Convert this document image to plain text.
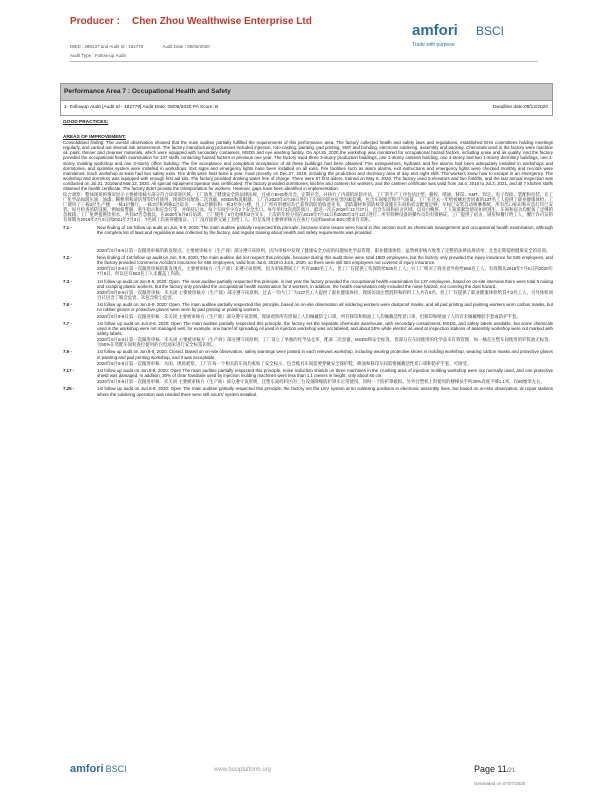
Producer : Chen Zhou Wealthwise Enterprise Ltd
DBID : 380237 and Audit Id : 182779	Audit Date : 08/06/2020
Audit Type : Follow-up Audit
amfori BSCI
Trade with purpose
Performance Area 7 : Occupational Health and Safety
1- Followup Audit [Audit Id - 182779] Audit Date: 08/06/2020 PA Score: B	Deadline date:09/12/2020
GOOD PRACTICES:
AREAS OF IMPROVEMENT:

Consolidated finding: The overall observation showed that the main auditee partially fulfilled the requirements of this performance area. The factory collected health and safety laws and regulations, established EHS committees holding meetings regularly, and carried out internal risk assessment. The factory manufacturing processes included injection, roto-casting, painting, pad printing, SMT and bonding, electronic soldering, assembly and packing. Chemicals used in the factory were machine oil, paint, thinner and cleanser materials, which were equipped with secondary containers, MSDS and eye washing facility. On Apr.26, 2020 the workshop was monitored for occupational hazard factors, including noise and air quality. And the factory provided the occupational health examination for 137 staffs contacting hazard factors in previous one year. The factory used three 3-storey production buildings, one 1-storey canteen building, one 2-storey and two 1-storey dormitory buildings, one 1-storey molding workshop and one 3-storey office building. The fire acceptance and completion acceptance of all these buildings had been obtained. Fire extinguishers, hydrants and fire alarms had been adequately installed in workshops and dormitories, and sprinkler system were installed in workshops. Exit signs and emergency lights have been installed on all exits. Fire facilities such as alarm alarms, exit instructions and emergency lights were checked monthly and records were maintained. Each workshop at least had two safety exits. Fire drills were held twice a year, most recently on Dec.27, 2019, including the production and dormitory area of day and night shift. The workers knew how to escape in an emergency. The workshop and dormitory was equipped with enough first aid kits. The factory provided drinking water free of charge. There were 57 first aiders, trained on May 8, 2020. The factory used 5 elevators and two forklifts, and the last annual inspection was conducted on Jul.31, 2019and Mar.12, 2020. All special equipment operator was certificated. The factory provided dormitories, kitchen and canteen for workers, and the canteen certificate was valid from Jul.4, 2016 to Jul.3, 2021, and all 7 kitchen staffs obtained the health certificate. The factory didn't provide the transportation for workers. However, gaps have been identified in implementation.

综合观察：整体现场的情况显示主要被审核方部分符合该绩效区域。工厂收集了健康安全的法律法规，且成立EHS委员会，定期开会，并执行了内部的风险评估。工厂的生产工序包括注塑、搪胶、喷油、移印、SMT、焊定、电子焊接、装配和包装。在工厂化学品如润压油、油漆、稀释剂和清洁剂等均有使用，现场均有配备二次容器，MSDS和洗眼器。工厂在2020年4月26日进行了车间的职业危害因素监测，包含车间噪音和空气质量。工厂在过去一年给接触危害因素的137名工人提供了职业健康体检。工厂使用了三栋3层生产楼，一栋1层餐厅，一栋2层和两栋1层宿舍，一栋1层搪胶和一栋3层办公楼，且工厂所有的楼房均已获得消防验收意见书，消防器材和消防栓等设施在车间和宿舍配置足够，车间已安装自动喷淋系统，所有出口标识和应急灯均已安装。每月检查消防设施，例如报警器、逃生指示和应急灯等，并保持记录。每个车间至少有2个安全出口。每年举行2次消防演习，最近一次在2019年12月27日，包含车间和宿舍区域，以及白晚班。工人知道紧急情况如何逃生。车间和宿舍均配备了足够的急救箱。工厂免费提供饮用水，共有57名急救员，在2020年5月8日培训。工厂使用了5台电梯和2台叉车，上次的年检分别在2019年7月31日和2020年3月12日进行。所有特种设备的操作员均有资格证。工厂提供了宿舍，厨房和餐厅给工人，餐厅许可证的有效期为2016年7月4日到2021年7月3日，7名厨工均获得健康证。工厂没有提供交通工具给工人。但是发现主要被审核方在执行方面和amfori BSCI要求有差距。

7.1 -	New finding of 1st follow up audit on Jun. 8-9, 2020. The main auditee partially respected this principle, because some issues were found in this section such as chemicals management and occupational health examination, although the complete list of laws and regulations was collected by the factory, and regular training about Health and safety requirements was provided.
2020年6月8-9日第一次跟进审核的新发现点。主要被审核方（生产商）部分遵守该原则，因为审核中发现了健康安全方面的问题如化学品管理，职业健康体检。虽然被审核方收集了完整的法律法规清单，且也定期提供健康安全的培训。
7.2 -	New finding of 1st follow up audit on Jun. 8-9, 2020. The main auditee did not respect this principle, because during this audit there were total 1883 employees, but the factory only provided the injury insurance for 525 employees, and the factory provided Commerce Accident Insurance for 655 employees, valid from Jul.6, 2019 to Jul.5, 2020, so there were still 503 employees not covered of injury insurance.
2020年6月8-9日第一次跟进审核的新发现点。主要被审核方（生产商）未遵守该原则，因为审核期间工厂共有1883名工人，但工厂仅提供工伤保险给525名工人，另工厂购买了商业意外险给655名工人，有效期从2019年7月6日到2020年7月5日，所以还有503名工人未覆盖工伤险。
7.3 -	1st follow up audit on Jun.8-9, 2020: Open. The main auditee partially respected this principle, in last year the factory provided the occupational health examination for 137 employees, based on on-site interview there were total 5 mixing and scraping plastic workers, but the factory only provided the occupational health examination for 2 workers, in addition, the health examination only included the noise hazard, not covering the dust hazard.
2020年6月8-9日第一次跟进审核：未关闭 主要被审核方（生产商）部分遵守该原则，过去一年内工厂为137名工人提供了职业健康体检，现场访谈注塑混料和碎料工人共有5名，但工厂仅提供了职业健康体检给其中2名工人，另外体检项目只包含了噪音危害，未包含粉尘危害。
7.6 -	1st follow up audit on Jun.8-9, 2020: Open. The main auditee partially respected this principle, based on on-site observation all soldering workers were dustproof masks, and all pad printing and painting workers worn carbon masks, but no rubber gloves or protective gloves were worn by pad printing or painting workers.
2020年6月8-9日第一次跟进审核：未关闭 主要被审核方（生产商）部分遵守该原则，现场观察所有焊锡工人均佩戴防尘口罩，所有移印和喷油工人均佩戴活性炭口罩，但移印和喷油工人均有未佩戴橡胶手套或防护手套。
7.7 -	1st follow up audit on Jun.8-9, 2020: Open The main auditee partially respected this principle, the factory set the separate chemicals warehouse, with secondary containment, MSDS, and safety labels available, but some chemicals used in the workshop were not managed well, for example, one barrel of spreading oil used in injection workshop was not labeled, and about 50% white electric oil used at inspection stations of assembly workshop were not marked with safety labels.
2020年6月8-9日第一次跟进审核：未关闭 主要被审核方（生产商）部分遵守该原则，工厂设立了单独的化学品仓库，配备二次容器，MSDS和安全标签，但部分在车间使用的化学品未有效管理，如一桶在注塑车间使用的铲胶油无标签，另50%在装配车间检查位使用的白电油未进行安全标签识别。
7.9 -	1st follow up audit on Jun.8-9, 2020: Closed. Based on on-site observation, safety warnings were posted in each relevant workshop, including wearing protective shoes in molding workshop, wearing carbon masks and protective gloves in painting and pad printing workshop, and it was acceptable.
2020年6月8-9日第一次跟进审核：关闭。现场观察，工厂在每一个相关的车间均张贴了安全标示，包含模具车间需要穿戴安全保护鞋，喷油和移印车间需要佩戴活性炭口罩和防护手套，可接受。
7.17 -	1st follow up audit on Jun.8-9, 2020: Open The main auditee partially respected this principle, noise reduction shields on three machines in the crushing area of injection molding workshop were not normally used, and one protective shield was damaged. In addition, 30% of clear handrails used by injection molding machines were less than 1.1 meters in height, only about 60 cm.
2020年6月8-9日第一次跟进审核：未关闭 主要被审核方（生产商）部分遵守该原则，注塑车间碎料区的三台设备降噪防护罩未正常使用，同时一个防护罩破损。另外注塑机上料使用的楼梯扶手约30%高度不够1.1米，仅60厘米左右。
7.25 -	1st follow up audit on Jun.8-9, 2020: Open The main auditee partially respected this principle, the factory set the LEV system at tin soldering positions in electronic assembly lines, but based on on-site observation, at repair stations where the soldering operation was needed there were still noLEV system installed.
amfori BSCI	www.bsciplatform.org	Page 11/21
Generated on 07/07/2020
